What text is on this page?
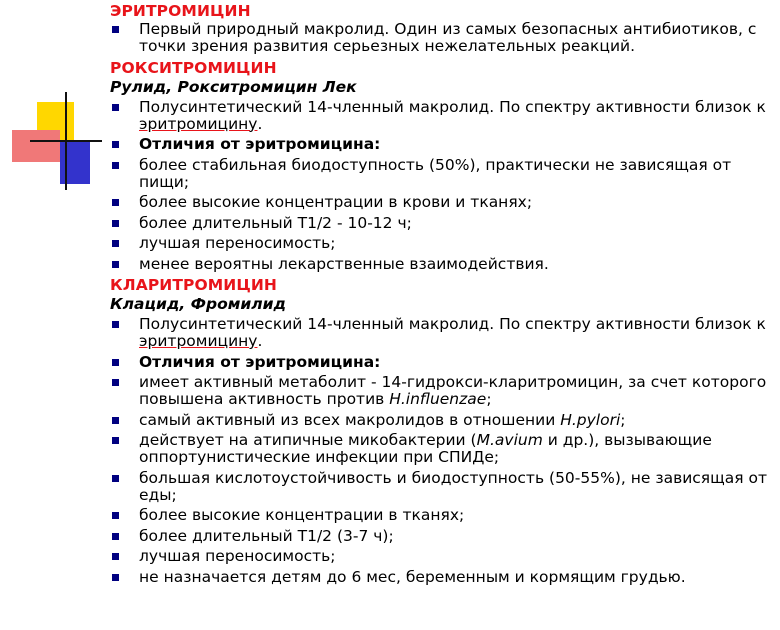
ЭРИТРОМИЦИН
Первый природный макролид. Один из самых безопасных антибиотиков, с точки зрения развития серьезных нежелательных реакций.
РОКСИТРОМИЦИН
Рулид, Рокситромицин Лек
Полусинтетический 14-членный макролид. По спектру активности близок к эритромицину.
Отличия от эритромицина:
более стабильная биодоступность (50%), практически не зависящая от пищи;
более высокие концентрации в крови и тканях;
более длительный T1/2 - 10-12 ч;
лучшая переносимость;
менее вероятны лекарственные взаимодействия.
КЛАРИТРОМИЦИН
Клацид, Фромилид
Полусинтетический 14-членный макролид. По спектру активности близок к эритромицину.
Отличия от эритромицина:
имеет активный метаболит - 14-гидрокси-кларитромицин, за счет которого повышена активность против H.influenzae;
самый активный из всех макролидов в отношении H.pylori;
действует на атипичные микобактерии (M.avium и др.), вызывающие оппортунистические инфекции при СПИДе;
большая кислотоустойчивость и биодоступность (50-55%), не зависящая от еды;
более высокие концентрации в тканях;
более длительный T1/2 (3-7 ч);
лучшая переносимость;
не назначается детям до 6 мес, беременным и кормящим грудью.
